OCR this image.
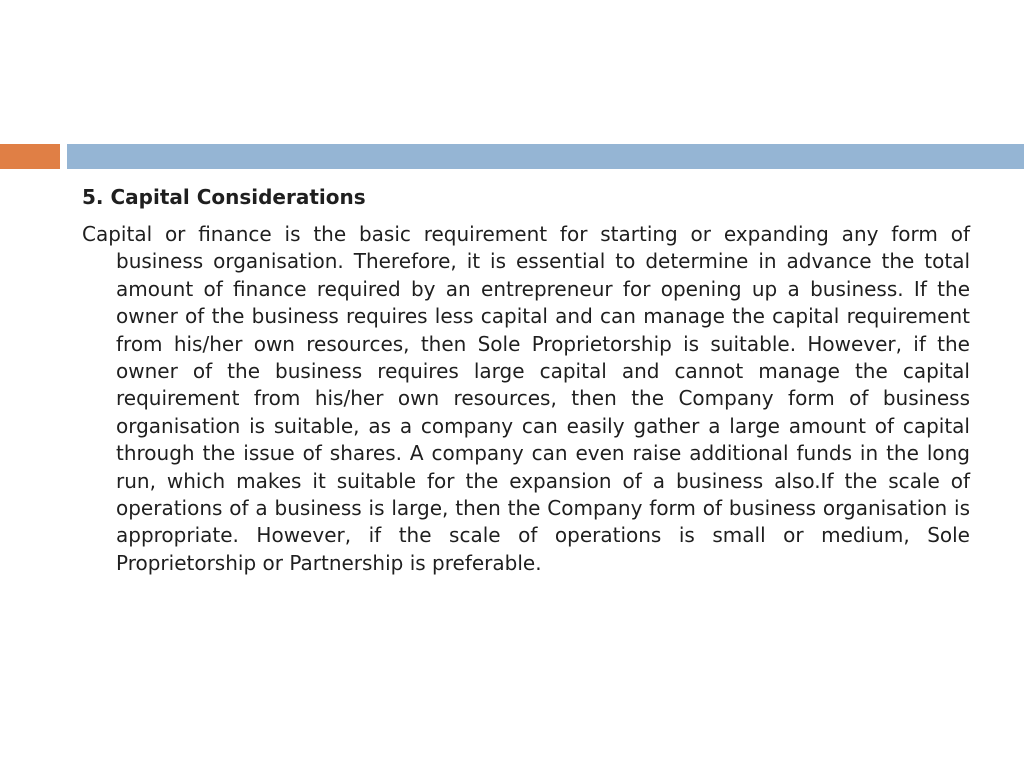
5. Capital Considerations

Capital or finance is the basic requirement for starting or expanding any form of business organisation. Therefore, it is essential to determine in advance the total amount of finance required by an entrepreneur for opening up a business. If the owner of the business requires less capital and can manage the capital requirement from his/her own resources, then Sole Proprietorship is suitable. However, if the owner of the business requires large capital and cannot manage the capital requirement from his/her own resources, then the Company form of business organisation is suitable, as a company can easily gather a large amount of capital through the issue of shares. A company can even raise additional funds in the long run, which makes it suitable for the expansion of a business also.If the scale of operations of a business is large, then the Company form of business organisation is appropriate. However, if the scale of operations is small or medium, Sole Proprietorship or Partnership is preferable.
